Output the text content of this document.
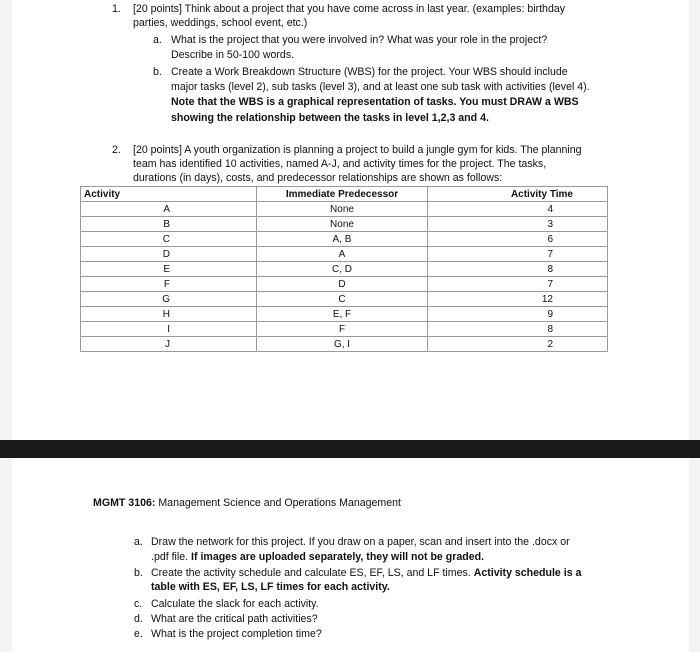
1. [20 points] Think about a project that you have come across in last year. (examples: birthday
parties, weddings, school event, etc.)
a. What is the project that you were involved in? What was your role in the project?
Describe in 50-100 words.
b. Create a Work Breakdown Structure (WBS) for the project. Your WBS should include
major tasks (level 2), sub tasks (level 3), and at least one sub task with activities (level 4).
Note that the WBS is a graphical representation of tasks. You must DRAW a WBS
showing the relationship between the tasks in level 1,2,3 and 4.
2. [20 points] A youth organization is planning a project to build a jungle gym for kids. The planning
team has identified 10 activities, named A-J, and activity times for the project. The tasks,
durations (in days), costs, and predecessor relationships are shown as follows:
Activity	Immediate Predecessor	Activity Time
A	None	4
B	None	3
C	A, B	6
D	A	7
E	C, D	8
F	D	7
G	C	12
H	E, F	9
I	F	8
J	G, I	2
MGMT 3106: Management Science and Operations Management
a. Draw the network for this project. If you draw on a paper, scan and insert into the .docx or
.pdf file. If images are uploaded separately, they will not be graded.
b. Create the activity schedule and calculate ES, EF, LS, and LF times. Activity schedule is a
table with ES, EF, LS, LF times for each activity.
c. Calculate the slack for each activity.
d. What are the critical path activities?
e. What is the project completion time?
